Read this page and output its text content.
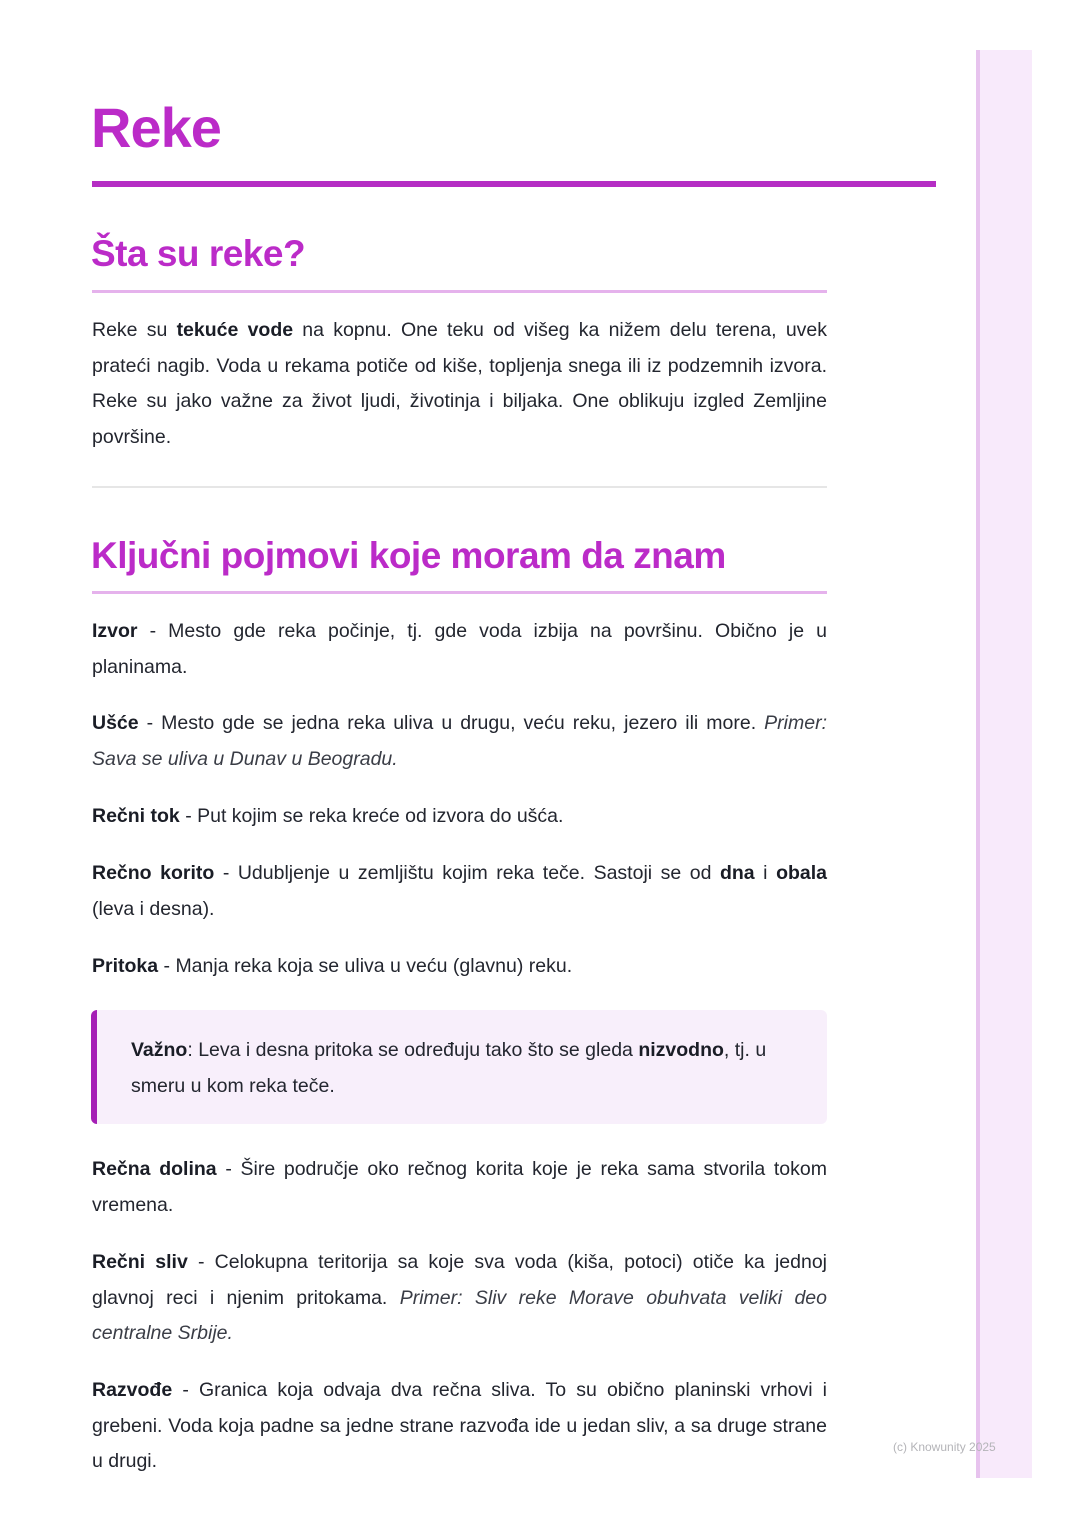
Reke
Šta su reke?

Reke su tekuće vode na kopnu. One teku od višeg ka nižem delu terena, uvek prateći nagib. Voda u rekama potiče od kiše, topljenja snega ili iz podzemnih izvora. Reke su jako važne za život ljudi, životinja i biljaka. One oblikuju izgled Zemljine površine.

Ključni pojmovi koje moram da znam

Izvor - Mesto gde reka počinje, tj. gde voda izbija na površinu. Obično je u planinama.

Ušće - Mesto gde se jedna reka uliva u drugu, veću reku, jezero ili more. Primer: Sava se uliva u Dunav u Beogradu.

Rečni tok - Put kojim se reka kreće od izvora do ušća.

Rečno korito - Udubljenje u zemljištu kojim reka teče. Sastoji se od dna i obala (leva i desna).

Pritoka - Manja reka koja se uliva u veću (glavnu) reku.

Važno: Leva i desna pritoka se određuju tako što se gleda nizvodno, tj. u smeru u kom reka teče.

Rečna dolina - Šire područje oko rečnog korita koje je reka sama stvorila tokom vremena.

Rečni sliv - Celokupna teritorija sa koje sva voda (kiša, potoci) otiče ka jednoj glavnoj reci i njenim pritokama. Primer: Sliv reke Morave obuhvata veliki deo centralne Srbije.

Razvođe - Granica koja odvaja dva rečna sliva. To su obično planinski vrhovi i grebeni. Voda koja padne sa jedne strane razvođa ide u jedan sliv, a sa druge strane u drugi.

(c) Knowunity 2025
